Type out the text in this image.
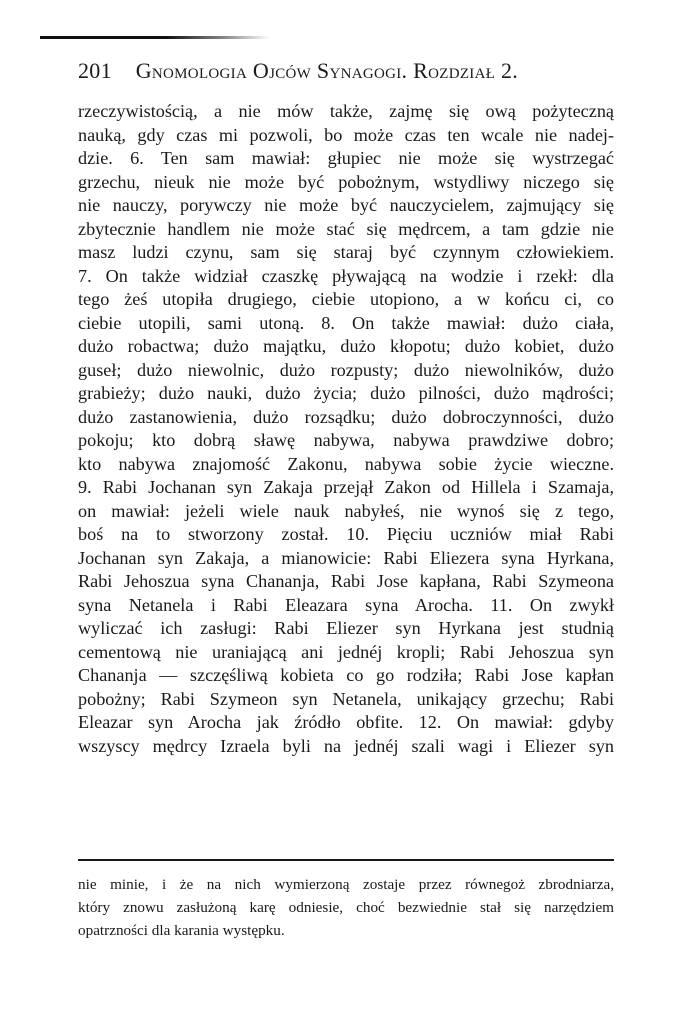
201 Gnomologia Ojców Synagogi. Rozdział 2.
rzeczywistością, a nie mów także, zajmę się ową pożyteczną
nauką, gdy czas mi pozwoli, bo może czas ten wcale nie nadej-
dzie. 6. Ten sam mawiał: głupiec nie może się wystrzegać
grzechu, nieuk nie może być pobożnym, wstydliwy niczego się
nie nauczy, porywczy nie może być nauczycielem, zajmujący się
zbytecznie handlem nie może stać się mędrcem, a tam gdzie nie
masz ludzi czynu, sam się staraj być czynnym człowiekiem.
7. On także widział czaszkę pływającą na wodzie i rzekł: dla
tego żeś utopiła drugiego, ciebie utopiono, a w końcu ci, co
ciebie utopili, sami utoną. 8. On także mawiał: dużo ciała,
dużo robactwa; dużo majątku, dużo kłopotu; dużo kobiet, dużo
guseł; dużo niewolnic, dużo rozpusty; dużo niewolników, dużo
grabieży; dużo nauki, dużo życia; dużo pilności, dużo mądrości;
dużo zastanowienia, dużo rozsądku; dużo dobroczynności, dużo
pokoju; kto dobrą sławę nabywa, nabywa prawdziwe dobro;
kto nabywa znajomość Zakonu, nabywa sobie życie wieczne.
9. Rabi Jochanan syn Zakaja przejął Zakon od Hillela i Szamaja,
on mawiał: jeżeli wiele nauk nabyłeś, nie wynoś się z tego,
boś na to stworzony został. 10. Pięciu uczniów miał Rabi
Jochanan syn Zakaja, a mianowicie: Rabi Eliezera syna Hyrkana,
Rabi Jehoszua syna Chananja, Rabi Jose kapłana, Rabi Szymeona
syna Netanela i Rabi Eleazara syna Arocha. 11. On zwykł
wyliczać ich zasługi: Rabi Eliezer syn Hyrkana jest studnią
cementową nie uraniającą ani jednéj kropli; Rabi Jehoszua syn
Chananja — szczęśliwą kobieta co go rodziła; Rabi Jose kapłan
pobożny; Rabi Szymeon syn Netanela, unikający grzechu; Rabi
Eleazar syn Arocha jak źródło obfite. 12. On mawiał: gdyby
wszyscy mędrcy Izraela byli na jednéj szali wagi i Eliezer syn
nie minie, i że na nich wymierzoną zostaje przez równegoż zbrodniarza,
który znowu zasłużoną karę odniesie, choć bezwiednie stał się narzędziem
opatrzności dla karania występku.
